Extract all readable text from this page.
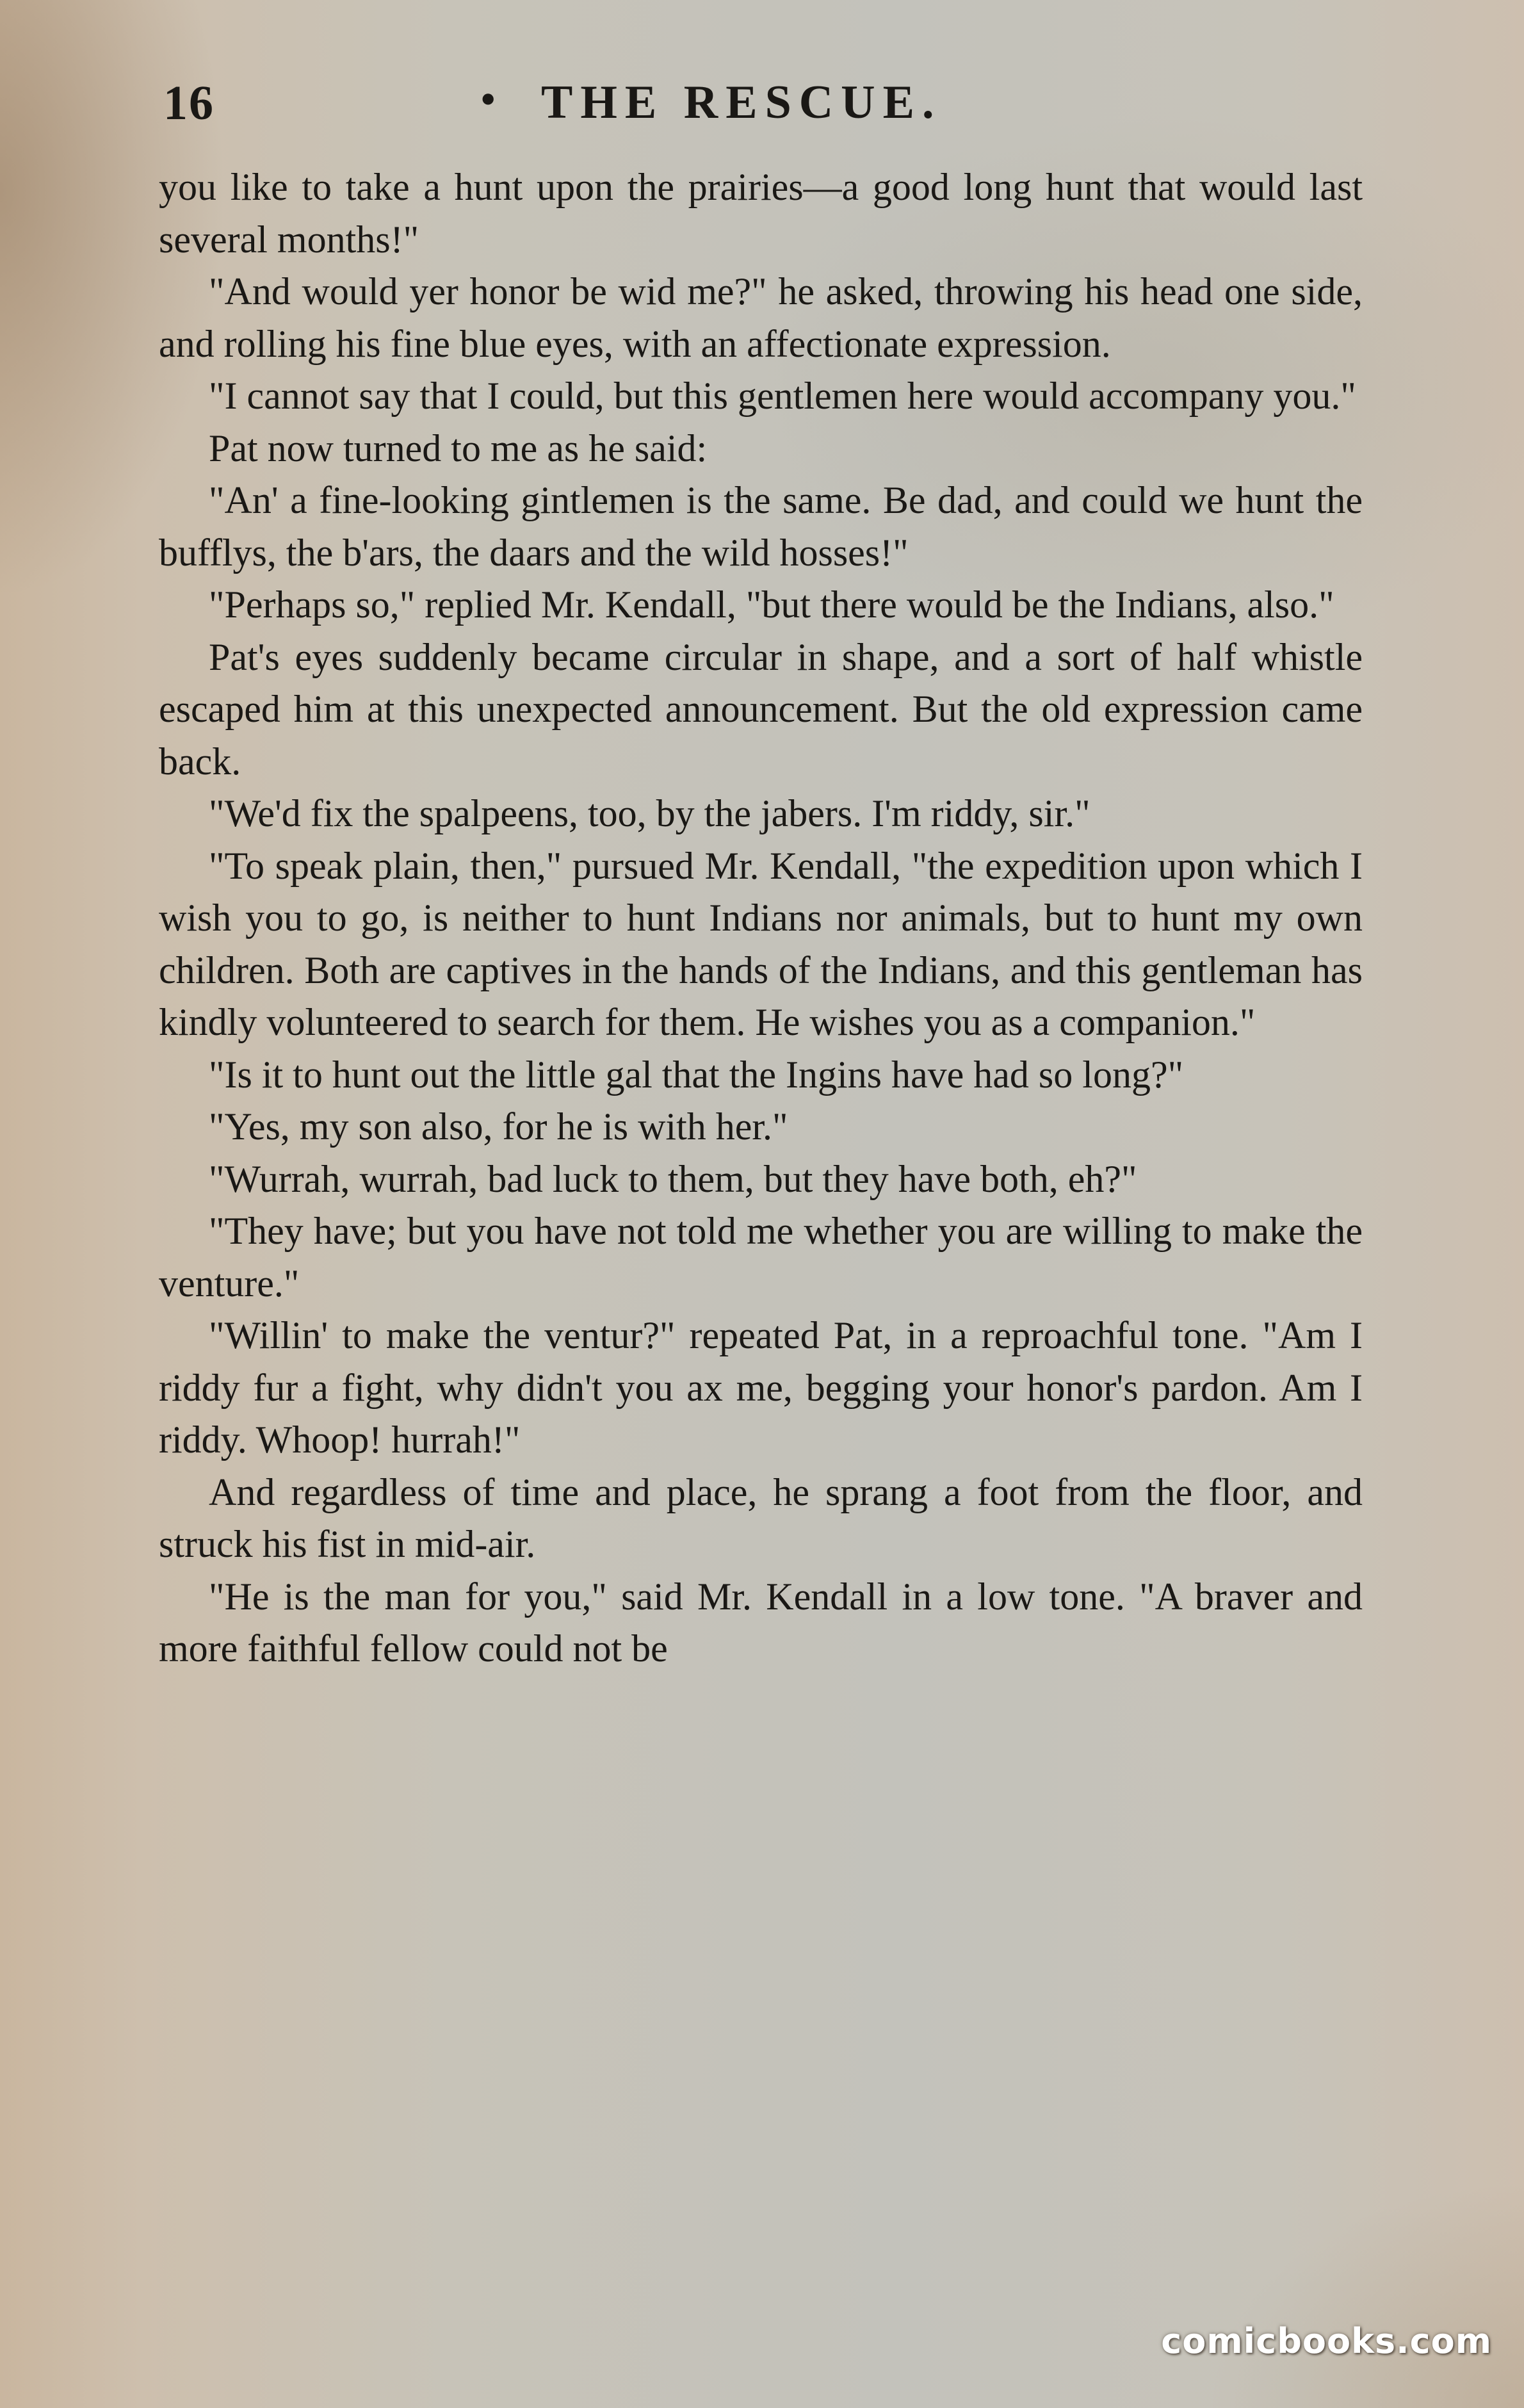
16	• THE RESCUE.

you like to take a hunt upon the prairies—a good long hunt that would last several months!"

"And would yer honor be wid me?" he asked, throwing his head one side, and rolling his fine blue eyes, with an affectionate expression.

"I cannot say that I could, but this gentlemen here would accompany you."

Pat now turned to me as he said:

"An' a fine-looking gintlemen is the same. Be dad, and could we hunt the bufflys, the b'ars, the daars and the wild hosses!"

"Perhaps so," replied Mr. Kendall, "but there would be the Indians, also."

Pat's eyes suddenly became circular in shape, and a sort of half whistle escaped him at this unexpected announcement. But the old expression came back.

"We'd fix the spalpeens, too, by the jabers. I'm riddy, sir."

"To speak plain, then," pursued Mr. Kendall, "the expedition upon which I wish you to go, is neither to hunt Indians nor animals, but to hunt my own children. Both are captives in the hands of the Indians, and this gentleman has kindly volunteered to search for them. He wishes you as a companion."

"Is it to hunt out the little gal that the Ingins have had so long?"

"Yes, my son also, for he is with her."

"Wurrah, wurrah, bad luck to them, but they have both, eh?"

"They have; but you have not told me whether you are willing to make the venture."

"Willin' to make the ventur?" repeated Pat, in a reproachful tone. "Am I riddy fur a fight, why didn't you ax me, begging your honor's pardon. Am I riddy. Whoop! hurrah!"

And regardless of time and place, he sprang a foot from the floor, and struck his fist in mid-air.

"He is the man for you," said Mr. Kendall in a low tone. "A braver and more faithful fellow could not be

comicbooks.com
